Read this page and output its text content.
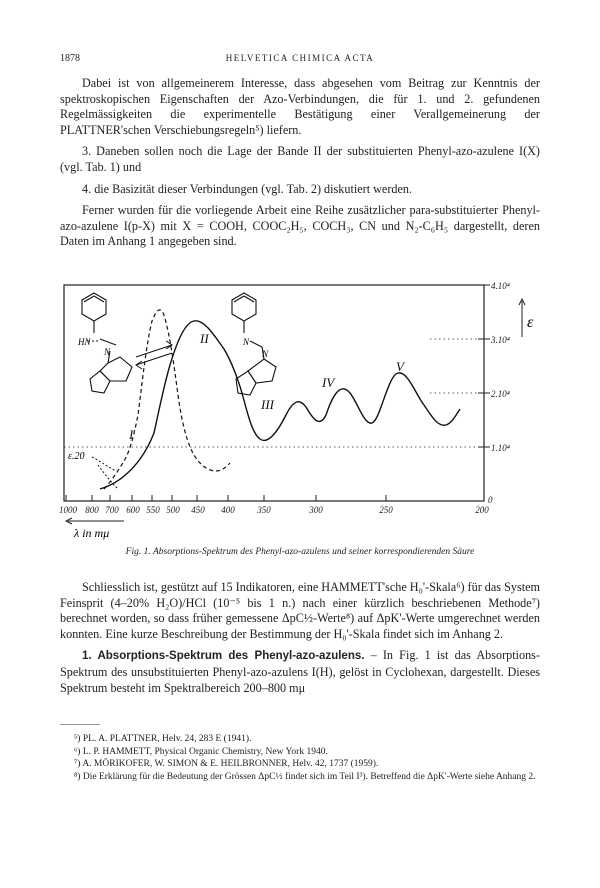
1878	HELVETICA CHIMICA ACTA

Dabei ist von allgemeinerem Interesse, dass abgesehen vom Beitrag zur Kenntnis der spektroskopischen Eigenschaften der Azo-Verbindungen, die für 1. und 2. gefundenen Regelmässigkeiten die experimentelle Bestätigung einer Verallgemeinerung der PLATTNER'schen Verschiebungsregeln⁵) liefern.

3. Daneben sollen noch die Lage der Bande II der substituierten Phenyl-azo-azulene I(X) (vgl. Tab. 1) und

4. die Basizität dieser Verbindungen (vgl. Tab. 2) diskutiert werden.

Ferner wurden für die vorliegende Arbeit eine Reihe zusätzlicher para-substituierter Phenyl-azo-azulene I(p-X) mit X = COOH, COOC₂H₅, COCH₃, CN und N₂-C₆H₅ dargestellt, deren Daten im Anhang 1 angegeben sind.

4.10⁴
3.10⁴
2.10⁴
1.10⁴
0
ε
1000 800 700 600 550 500 450 400	350	300	250	200
λ in mμ
ε.20
I
II
III
IV
V
HN
N
N
N
Fig. 1. Absorptions-Spektrum des Phenyl-azo-azulens und seiner korrespondierenden Säure

Schliesslich ist, gestützt auf 15 Indikatoren, eine HAMMETT'sche H₀'-Skala⁶) für das System Feinsprit (4–20% H₂O)/HCl (10⁻⁵ bis 1 n.) nach einer kürzlich beschriebenen Methode⁷) berechnet worden, so dass früher gemessene ΔpC½-Werte⁸) auf ΔpK'-Werte umgerechnet werden konnten. Eine kurze Beschreibung der Bestimmung der H₀'-Skala findet sich im Anhang 2.

1. Absorptions-Spektrum des Phenyl-azo-azulens. – In Fig. 1 ist das Absorptions-Spektrum des unsubstituierten Phenyl-azo-azulens I(H), gelöst in Cyclohexan, dargestellt. Dieses Spektrum besteht im Spektralbereich 200–800 mμ

⁵) PL. A. PLATTNER, Helv. 24, 283 E (1941).

⁶) L. P. HAMMETT, Physical Organic Chemistry, New York 1940.

⁷) A. MÖRIKOFER, W. SIMON & E. HEILBRONNER, Helv. 42, 1737 (1959).

⁸) Die Erklärung für die Bedeutung der Grössen ΔpC½ findet sich im Teil I³). Betreffend die ΔpK'-Werte siehe Anhang 2.
